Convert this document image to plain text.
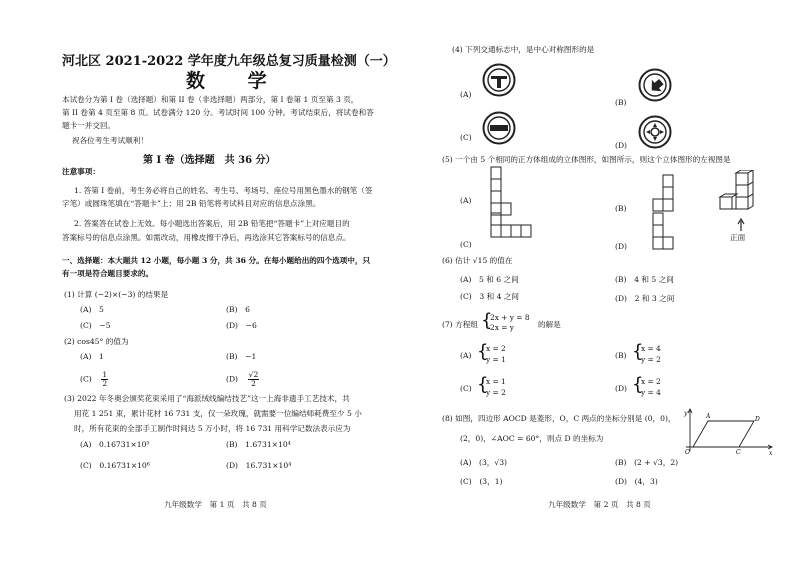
河北区 2021-2022 学年度九年级总复习质量检测（一）
数 学
本试卷分为第 I 卷（选择题）和第 II 卷（非选择题）两部分，第 I 卷第 1 页至第 3 页，
第 II 卷第 4 页至第 8 页。试卷满分 120 分。考试时间 100 分钟。考试结束后，将试卷和答
题卡一并交回。
祝各位考生考试顺利！
第 I 卷（选择题　共 36 分）
注意事项：
1. 答第 I 卷前，考生务必将自己的姓名、考生号、考场号、座位号用黑色墨水的钢笔（签
字笔）或圆珠笔填在“答题卡”上；用 2B 铅笔将考试科目对应的信息点涂黑。
2. 答案答在试卷上无效。每小题选出答案后，用 2B 铅笔把“答题卡”上对应题目的
答案标号的信息点涂黑。如需改动，用橡皮擦干净后，再选涂其它答案标号的信息点。
一、选择题：本大题共 12 小题，每小题 3 分，共 36 分。在每小题给出的四个选项中，只
有一项是符合题目要求的。
(1) 计算 (−2)×(−3) 的结果是
(A)　5	(B)　6
(C)　−5	(D)　−6
(2) cos45° 的值为
(A)　1	(B)　−1
$(C) \frac{1}{2}$	$(D) \frac{√2}{2}$
(3) 2022 年冬奥会颁奖花束采用了“海派绒线编结技艺”这一上海非遗手工艺技术，共
用花 1 251 束，累计花材 16 731 支，仅一朵玫瑰，就需要一位编结师耗费至少 5 小
时，所有花束的全部手工制作时间达 5 万小时，将 16 731 用科学记数法表示应为
(A)　0.16731×10⁵	(B)　1.6731×10⁴
(C)　0.16731×10⁶	(D)　16.731×10⁴
九年级数学　第 1 页　共 8 页
(4) 下列交通标志中，是中心对称图形的是
(A)
(B)
(C)
(D)
(5) 一个由 5 个相同的正方体组成的立体图形，如图所示，则这个立体图形的左视图是
(A)
(B)
(C)	(D)
正面
(6) 估计 √15 的值在
(A)　5 和 6 之间	(B)　4 和 5 之间
(C)　3 和 4 之间	(D)　2 和 3 之间
(7) 方程组 {
2x + y = 8
2x = y	的解是
(A) {
x = 2
y = 1	(B) {
x = 4
y = 2
(C) {
x = 1
y = 2	(D) {
x = 2
y = 4
(8) 如图，四边形 AOCD 是菱形，O，C 两点的坐标分别是 (0，0)，
(2，0)，∠AOC = 60°，则点 D 的坐标为
(A)　(3，√3)	(B)　(2 + √3，2)
(C)　(3，1)	(D)　(4，3)
y
x
A	D
O	C
九年级数学　第 2 页　共 8 页
